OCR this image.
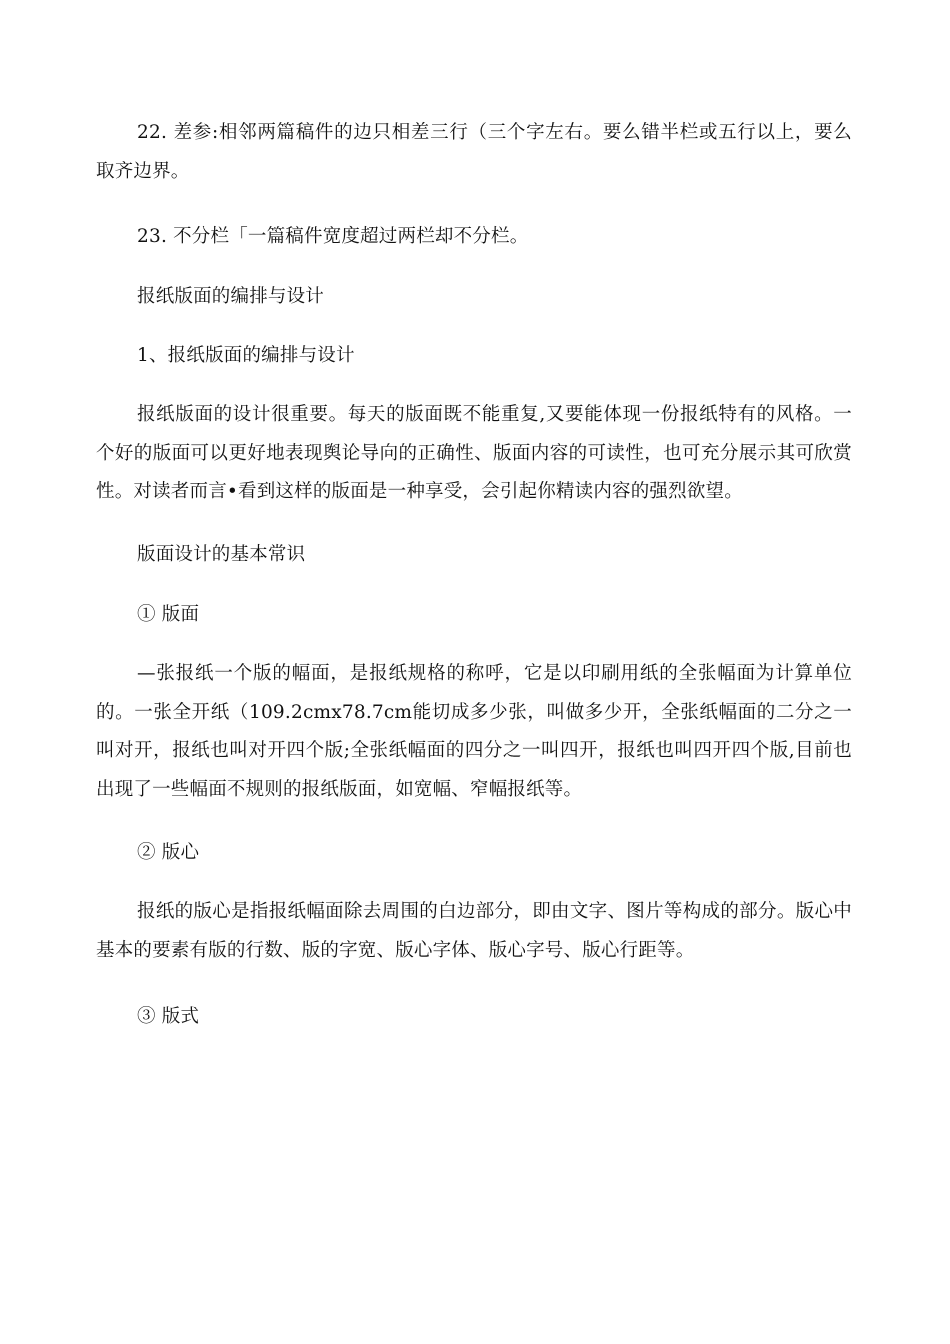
22. 差参:相邻两篇稿件的边只相差三行（三个字左右。要么错半栏或五行以上，要么取齐边界。

23. 不分栏「一篇稿件宽度超过两栏却不分栏。

报纸版面的编排与设计

1、报纸版面的编排与设计

报纸版面的设计很重要。每天的版面既不能重复,又要能体现一份报纸特有的风格。一个好的版面可以更好地表现舆论导向的正确性、版面内容的可读性，也可充分展示其可欣赏性。对读者而言•看到这样的版面是一种享受，会引起你精读内容的强烈欲望。

版面设计的基本常识

① 版面

—张报纸一个版的幅面，是报纸规格的称呼，它是以印刷用纸的全张幅面为计算单位的。一张全开纸（109.2cmx78.7cm能切成多少张，叫做多少开，全张纸幅面的二分之一叫对开，报纸也叫对开四个版;全张纸幅面的四分之一叫四开，报纸也叫四开四个版,目前也出现了一些幅面不规则的报纸版面，如宽幅、窄幅报纸等。

② 版心

报纸的版心是指报纸幅面除去周围的白边部分，即由文字、图片等构成的部分。版心中基本的要素有版的行数、版的字宽、版心字体、版心字号、版心行距等。

③ 版式
